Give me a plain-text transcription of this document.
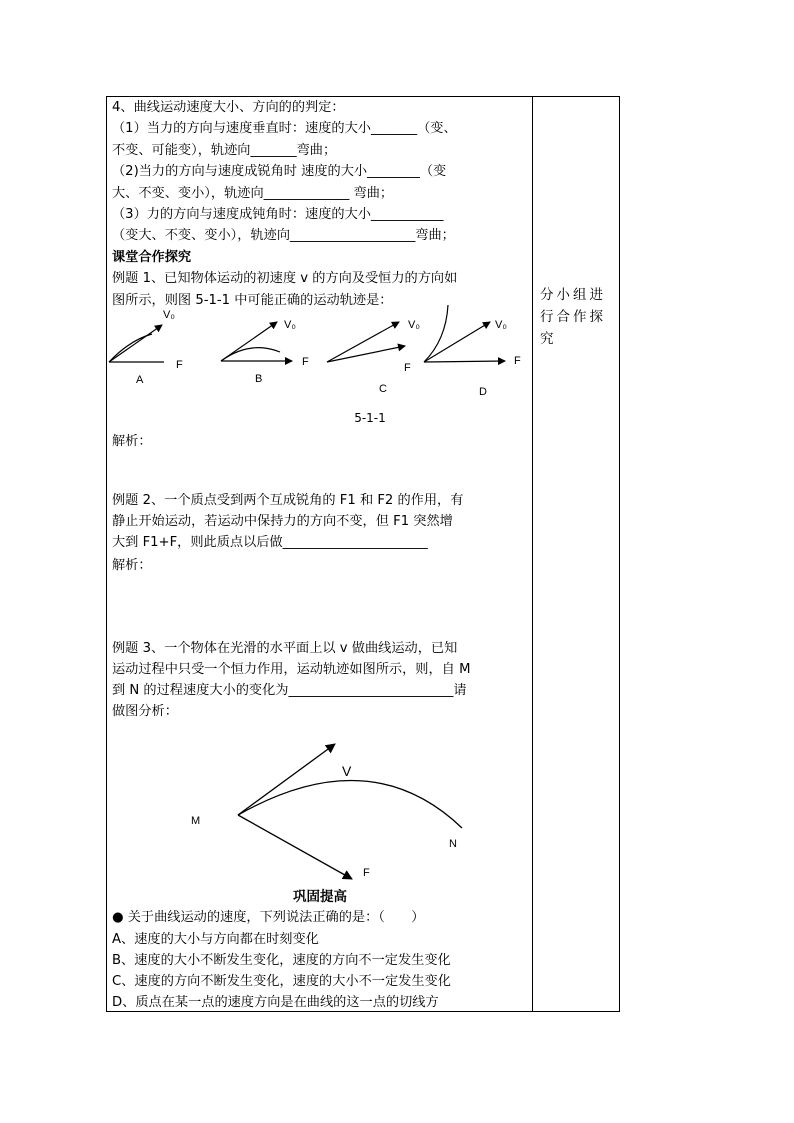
4、曲线运动速度大小、方向的的判定：
（1）当力的方向与速度垂直时：速度的大小_______（变、
不变、可能变），轨迹向_______弯曲；
（2)当力的方向与速度成锐角时 速度的大小________（变
大、不变、变小），轨迹向_____________ 弯曲；
（3）力的方向与速度成钝角时：速度的大小___________
（变大、不变、变小），轨迹向___________________弯曲；
课堂合作探究
例题 1、已知物体运动的初速度 v 的方向及受恒力的方向如
图所示，则图 5-1-1 中可能正确的运动轨迹是：
V₀
F
A
V₀
F
B
V₀
F
C
V₀
F
D
5-1-1
解析：
例题 2、一个质点受到两个互成锐角的 F1 和 F2 的作用，有
静止开始运动，若运动中保持力的方向不变，但 F1 突然增
大到 F1+F，则此质点以后做______________________
解析：
例题 3、一个物体在光滑的水平面上以 v 做曲线运动，已知
运动过程中只受一个恒力作用，运动轨迹如图所示，则，自 M
到 N 的过程速度大小的变化为_________________________请
做图分析：
V
M
N
F
巩固提高
● 关于曲线运动的速度，下列说法正确的是：（　　）
A、速度的大小与方向都在时刻变化
B、速度的大小不断发生变化，速度的方向不一定发生变化
C、速度的方向不断发生变化，速度的大小不一定发生变化
D、质点在某一点的速度方向是在曲线的这一点的切线方
分小组进行合作探究
